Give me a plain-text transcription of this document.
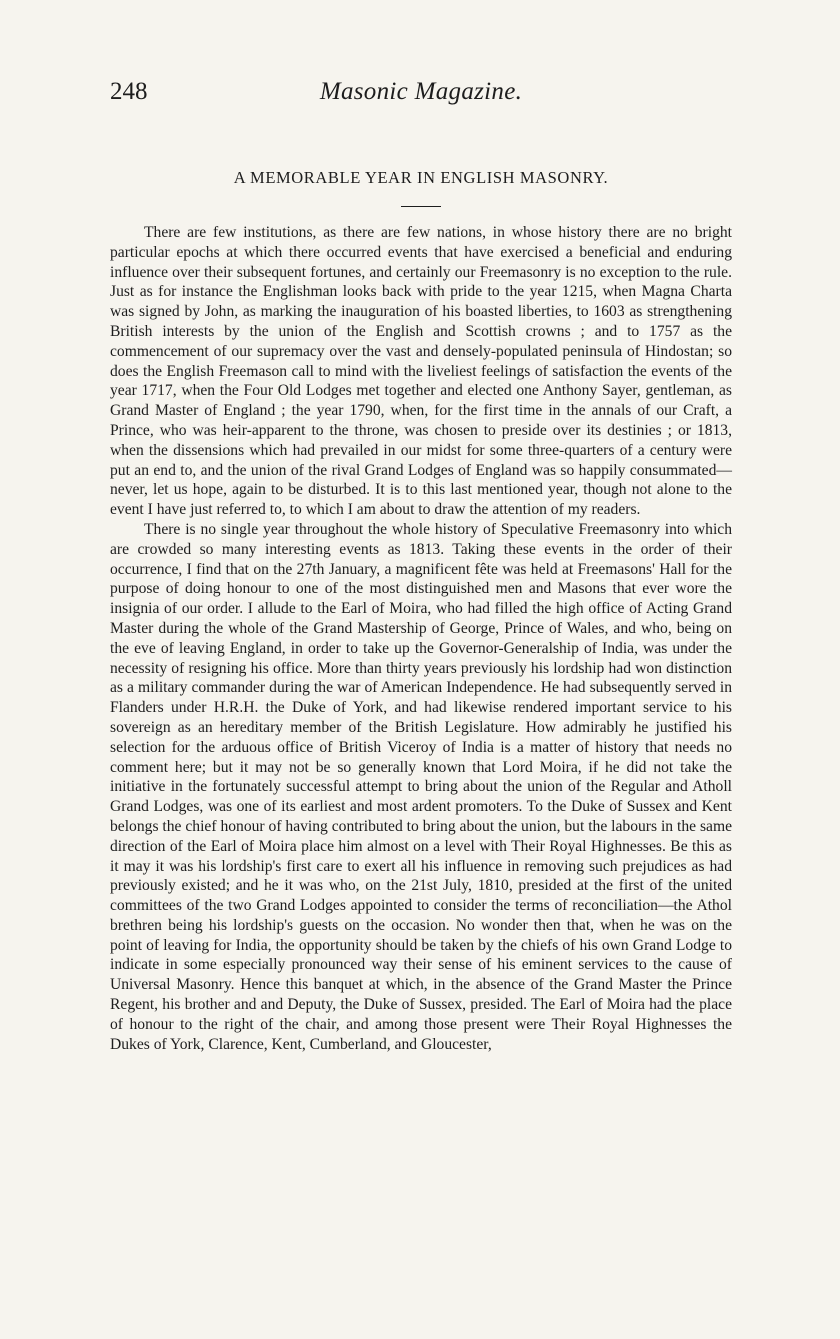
248	Masonic Magazine.
A MEMORABLE YEAR IN ENGLISH MASONRY.

There are few institutions, as there are few nations, in whose history there are no bright particular epochs at which there occurred events that have exercised a beneficial and enduring influence over their subsequent fortunes, and certainly our Freemasonry is no exception to the rule. Just as for instance the Englishman looks back with pride to the year 1215, when Magna Charta was signed by John, as marking the inauguration of his boasted liberties, to 1603 as strengthening British interests by the union of the English and Scottish crowns ; and to 1757 as the commencement of our supremacy over the vast and densely-populated peninsula of Hindostan; so does the English Freemason call to mind with the liveliest feelings of satisfaction the events of the year 1717, when the Four Old Lodges met together and elected one Anthony Sayer, gentleman, as Grand Master of England ; the year 1790, when, for the first time in the annals of our Craft, a Prince, who was heir-apparent to the throne, was chosen to preside over its destinies ; or 1813, when the dissensions which had prevailed in our midst for some three-quarters of a century were put an end to, and the union of the rival Grand Lodges of England was so happily consummated—never, let us hope, again to be disturbed. It is to this last mentioned year, though not alone to the event I have just referred to, to which I am about to draw the attention of my readers.

There is no single year throughout the whole history of Speculative Freemasonry into which are crowded so many interesting events as 1813. Taking these events in the order of their occurrence, I find that on the 27th January, a magnificent fête was held at Freemasons' Hall for the purpose of doing honour to one of the most distinguished men and Masons that ever wore the insignia of our order. I allude to the Earl of Moira, who had filled the high office of Acting Grand Master during the whole of the Grand Mastership of George, Prince of Wales, and who, being on the eve of leaving England, in order to take up the Governor-Generalship of India, was under the necessity of resigning his office. More than thirty years previously his lordship had won distinction as a military commander during the war of American Independence. He had subsequently served in Flanders under H.R.H. the Duke of York, and had likewise rendered important service to his sovereign as an hereditary member of the British Legislature. How admirably he justified his selection for the arduous office of British Viceroy of India is a matter of history that needs no comment here; but it may not be so generally known that Lord Moira, if he did not take the initiative in the fortunately successful attempt to bring about the union of the Regular and Atholl Grand Lodges, was one of its earliest and most ardent promoters. To the Duke of Sussex and Kent belongs the chief honour of having contributed to bring about the union, but the labours in the same direction of the Earl of Moira place him almost on a level with Their Royal Highnesses. Be this as it may it was his lordship's first care to exert all his influence in removing such prejudices as had previously existed; and he it was who, on the 21st July, 1810, presided at the first of the united committees of the two Grand Lodges appointed to consider the terms of reconciliation—the Athol brethren being his lordship's guests on the occasion. No wonder then that, when he was on the point of leaving for India, the opportunity should be taken by the chiefs of his own Grand Lodge to indicate in some especially pronounced way their sense of his eminent services to the cause of Universal Masonry. Hence this banquet at which, in the absence of the Grand Master the Prince Regent, his brother and and Deputy, the Duke of Sussex, presided. The Earl of Moira had the place of honour to the right of the chair, and among those present were Their Royal Highnesses the Dukes of York, Clarence, Kent, Cumberland, and Gloucester,
